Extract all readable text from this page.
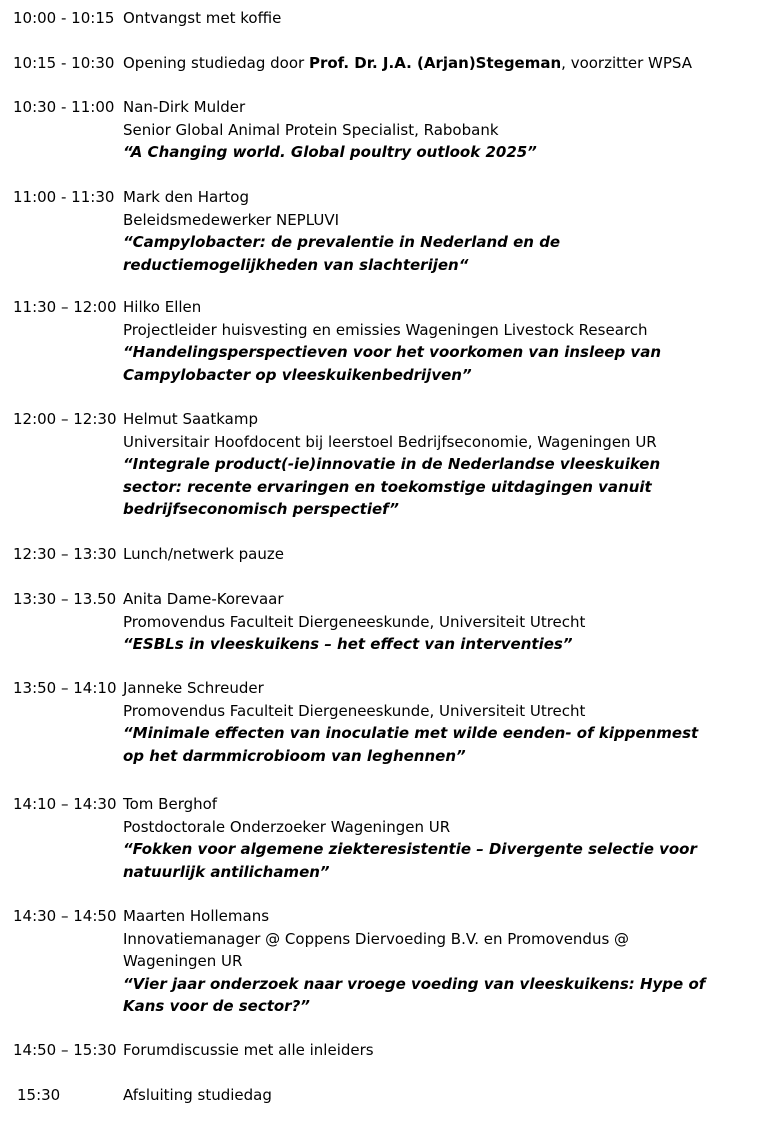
10:00 - 10:15 Ontvangst met koffie
10:15 - 10:30 Opening studiedag door Prof. Dr. J.A. (Arjan)Stegeman, voorzitter WPSA
10:30 - 11:00 Nan-Dirk Mulder
Senior Global Animal Protein Specialist, Rabobank
“A Changing world. Global poultry outlook 2025”
11:00 - 11:30 Mark den Hartog
Beleidsmedewerker NEPLUVI
“Campylobacter: de prevalentie in Nederland en de reductiemogelijkheden van slachterijen“
11:30 – 12:00 Hilko Ellen
Projectleider huisvesting en emissies Wageningen Livestock Research
“Handelingsperspectieven voor het voorkomen van insleep van Campylobacter op vleeskuikenbedrijven”
12:00 – 12:30 Helmut Saatkamp
Universitair Hoofdocent bij leerstoel Bedrijfseconomie, Wageningen UR
“Integrale product(-ie)innovatie in de Nederlandse vleeskuiken sector: recente ervaringen en toekomstige uitdagingen vanuit bedrijfseconomisch perspectief”
12:30 – 13:30 Lunch/netwerk pauze
13:30 – 13.50 Anita Dame-Korevaar
Promovendus Faculteit Diergeneeskunde, Universiteit Utrecht
“ESBLs in vleeskuikens – het effect van interventies”
13:50 – 14:10 Janneke Schreuder
Promovendus Faculteit Diergeneeskunde, Universiteit Utrecht
“Minimale effecten van inoculatie met wilde eenden- of kippenmest op het darmmicrobioom van leghennen”
14:10 – 14:30 Tom Berghof
Postdoctorale Onderzoeker Wageningen UR
“Fokken voor algemene ziekteresistentie – Divergente selectie voor natuurlijk antilichamen”
14:30 – 14:50 Maarten Hollemans
Innovatiemanager @ Coppens Diervoeding B.V. en Promovendus @
Wageningen UR
“Vier jaar onderzoek naar vroege voeding van vleeskuikens: Hype of Kans voor de sector?”
14:50 – 15:30 Forumdiscussie met alle inleiders
15:30	Afsluiting studiedag
